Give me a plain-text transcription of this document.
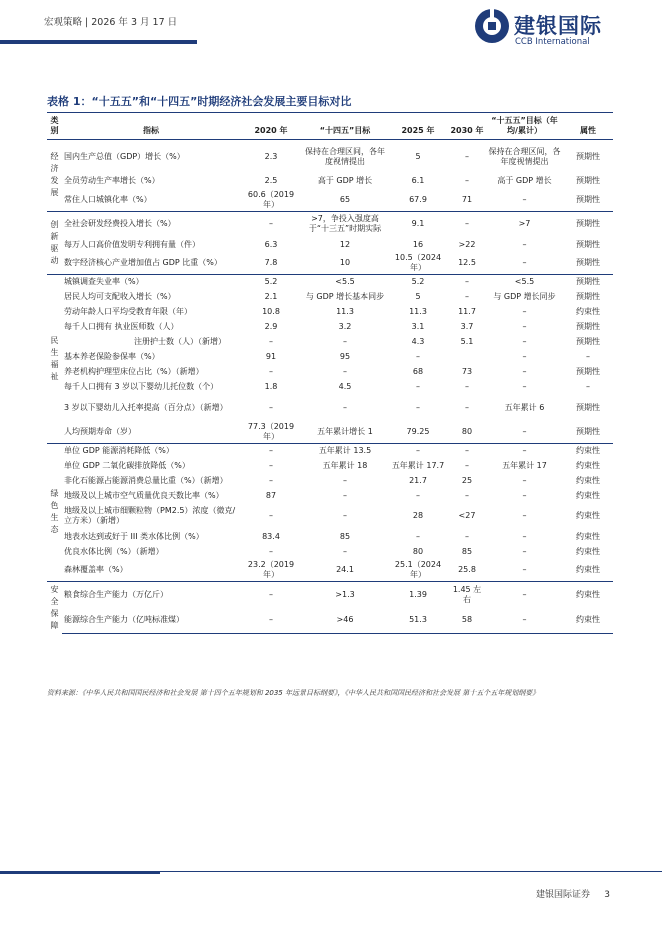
宏观策略 | 2026 年 3 月 17 日	建银国际
CCB International
表格 1：“十五五”和“十四五”时期经济社会发展主要目标对比
类别	指标	2020 年	“十四五”目标	2025 年	2030 年	“十五五”目标（年均/累计）	属性
经济发展	国内生产总值（GDP）增长（%）	2.3	保持在合理区间，各年度视情提出	5	–	保持在合理区间，各年度视情提出	预期性
	全员劳动生产率增长（%）	2.5	高于 GDP 增长	6.1	–	高于 GDP 增长	预期性
	常住人口城镇化率（%）	60.6（2019 年）	65	67.9	71	–	预期性
创新驱动	全社会研发经费投入增长（%）	–	>7，争投入强度高于“十三五”时期实际	9.1	–	>7	预期性
	每万人口高价值发明专利拥有量（件）	6.3	12	16	>22	–	预期性
	数字经济核心产业增加值占 GDP 比重（%）	7.8	10	10.5（2024 年）	12.5	–	预期性
民生福祉	城镇调查失业率（%）	5.2	<5.5	5.2	–	<5.5	预期性
	居民人均可支配收入增长（%）	2.1	与 GDP 增长基本同步	5	–	与 GDP 增长同步	预期性
	劳动年龄人口平均受教育年限（年）	10.8	11.3	11.3	11.7	–	约束性
	每千人口拥有 执业医师数（人）	2.9	3.2	3.1	3.7	–	预期性
	注册护士数（人）（新增）	–	–	4.3	5.1	–	预期性
	基本养老保险参保率（%）	91	95	–		–	–
	养老机构护理型床位占比（%）（新增）	–	–	68	73	–	预期性
	每千人口拥有 3 岁以下婴幼儿托位数（个）	1.8	4.5	–	–	–	–
	3 岁以下婴幼儿入托率提高（百分点）（新增）	–	–	–	–	五年累计 6	预期性
	人均预期寿命（岁）	77.3（2019 年）	五年累计增长 1	79.25	80	–	预期性
绿色生态	单位 GDP 能源消耗降低（%）	–	五年累计 13.5	–	–	–	约束性
	单位 GDP 二氧化碳排放降低（%）	–	五年累计 18	五年累计 17.7	–	五年累计 17	约束性
	非化石能源占能源消费总量比重（%）（新增）	–	–	21.7	25	–	约束性
	地级及以上城市空气质量优良天数比率（%）	87	–	–	–	–	约束性
	地级及以上城市细颗粒物（PM2.5）浓度（微克/立方米）（新增）	–	–	28	<27	–	约束性
	地表水达到或好于 III 类水体比例（%）	83.4	85	–	–	–	约束性
	优良水体比例（%）（新增）	–	–	80	85	–	约束性
	森林覆盖率（%）	23.2（2019 年）	24.1	25.1（2024 年）	25.8	–	约束性
安全保障	粮食综合生产能力（万亿斤）	–	>1.3	1.39	1.45 左右	–	约束性
	能源综合生产能力（亿吨标准煤）	–	>46	51.3	58	–	约束性
资料来源：《中华人民共和国国民经济和社会发展 第十四个五年规划和 2035 年远景目标纲要》，《中华人民共和国国民经济和社会发展 第十五个五年规划纲要》
建银国际证券 3
